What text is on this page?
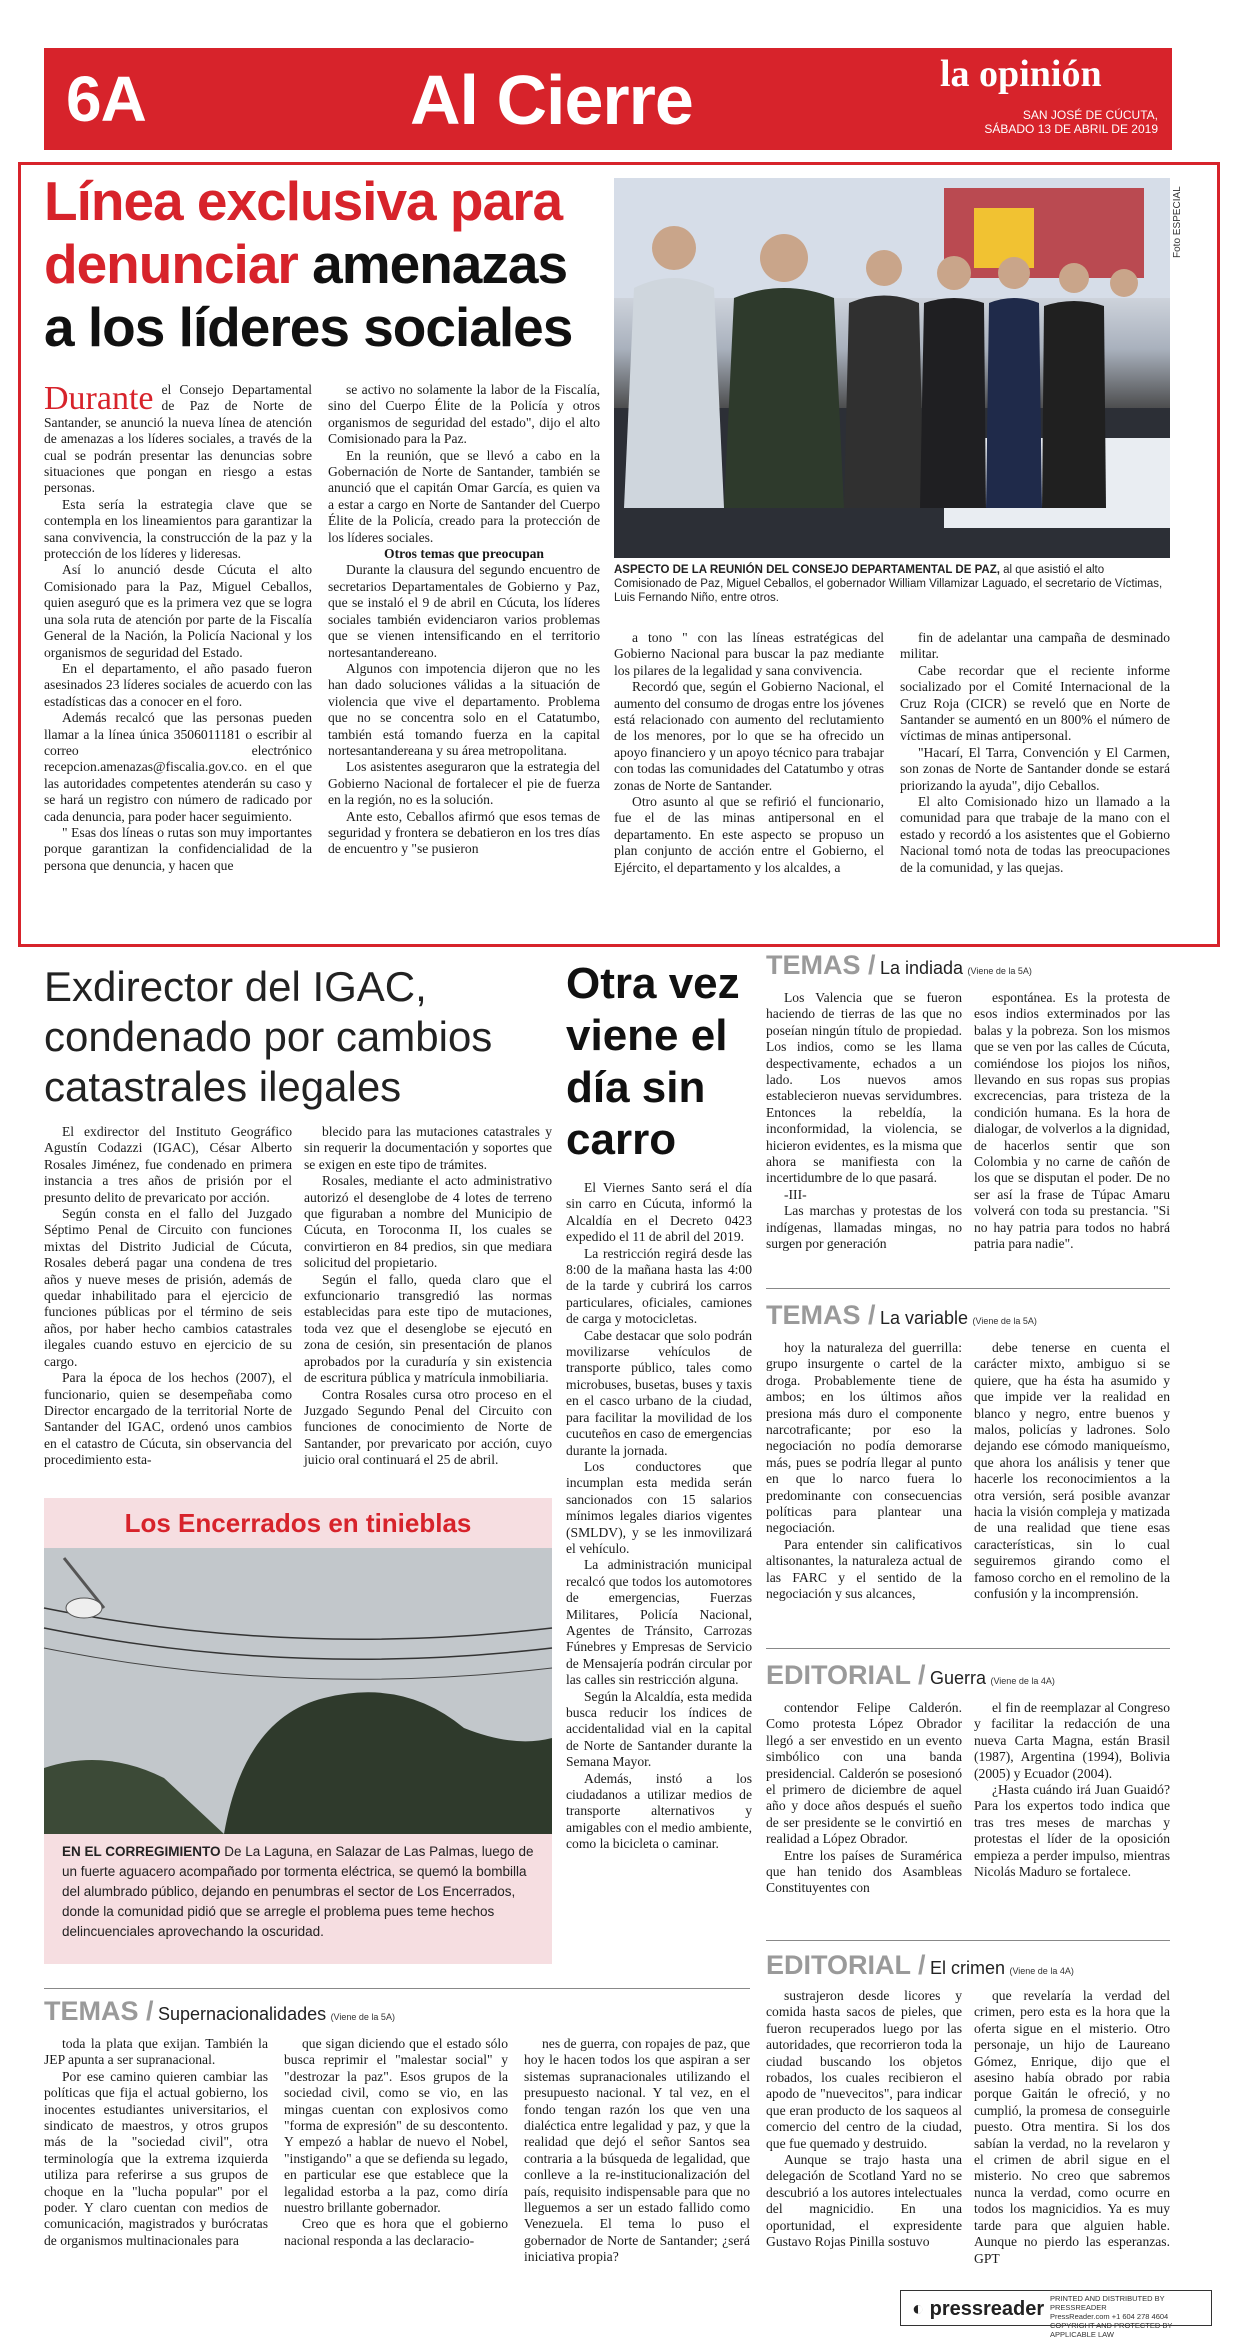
6A	Al Cierre	la opinión
SAN JOSÉ DE CÚCUTA,
SÁBADO 13 DE ABRIL DE 2019
Línea exclusiva para denunciar amenazas a los líderes sociales
Foto ESPECIAL
ASPECTO DE LA REUNIÓN DEL CONSEJO DEPARTAMENTAL DE PAZ, al que asistió el alto Comisionado de Paz, Miguel Ceballos, el gobernador William Villamizar Laguado, el secretario de Víctimas, Luis Fernando Niño, entre otros.
Durante el Consejo Departamental de Paz de Norte de Santander, se anunció la nueva línea de atención de amenazas a los líderes sociales, a través de la cual se podrán presentar las denuncias sobre situaciones que pongan en riesgo a estas personas.

Esta sería la estrategia clave que se contempla en los lineamientos para garantizar la sana convivencia, la construcción de la paz y la protección de los líderes y lideresas.

Así lo anunció desde Cúcuta el alto Comisionado para la Paz, Miguel Ceballos, quien aseguró que es la primera vez que se logra una sola ruta de atención por parte de la Fiscalía General de la Nación, la Policía Nacional y los organismos de seguridad del Estado.

En el departamento, el año pasado fueron asesinados 23 líderes sociales de acuerdo con las estadísticas das a conocer en el foro.

Además recalcó que las personas pueden llamar a la línea única 3506011181 o escribir al correo electrónico recepcion.amenazas@fiscalia.gov.co. en el que las autoridades competentes atenderán su caso y se hará un registro con número de radicado por cada denuncia, para poder hacer seguimiento.

" Esas dos líneas o rutas son muy importantes porque garantizan la confidencialidad de la persona que denuncia, y hacen que

se activo no solamente la labor de la Fiscalía, sino del Cuerpo Élite de la Policía y otros organismos de seguridad del estado", dijo el alto Comisionado para la Paz.

En la reunión, que se llevó a cabo en la Gobernación de Norte de Santander, también se anunció que el capitán Omar García, es quien va a estar a cargo en Norte de Santander del Cuerpo Élite de la Policía, creado para la protección de los líderes sociales.

Otros temas que preocupan

Durante la clausura del segundo encuentro de secretarios Departamentales de Gobierno y Paz, que se instaló el 9 de abril en Cúcuta, los líderes sociales también evidenciaron varios problemas que se vienen intensificando en el territorio nortesantandereano.

Algunos con impotencia dijeron que no les han dado soluciones válidas a la situación de violencia que vive el departamento. Problema que no se concentra solo en el Catatumbo, también está tomando fuerza en la capital nortesantandereana y su área metropolitana.

Los asistentes aseguraron que la estrategia del Gobierno Nacional de fortalecer el pie de fuerza en la región, no es la solución.

Ante esto, Ceballos afirmó que esos temas de seguridad y frontera se debatieron en los tres días de encuentro y "se pusieron

a tono " con las líneas estratégicas del Gobierno Nacional para buscar la paz mediante los pilares de la legalidad y sana convivencia.

Recordó que, según el Gobierno Nacional, el aumento del consumo de drogas entre los jóvenes está relacionado con aumento del reclutamiento de los menores, por lo que se ha ofrecido un apoyo financiero y un apoyo técnico para trabajar con todas las comunidades del Catatumbo y otras zonas de Norte de Santander.

Otro asunto al que se refirió el funcionario, fue el de las minas antipersonal en el departamento. En este aspecto se propuso un plan conjunto de acción entre el Gobierno, el Ejército, el departamento y los alcaldes, a

fin de adelantar una campaña de desminado militar.

Cabe recordar que el reciente informe socializado por el Comité Internacional de la Cruz Roja (CICR) se reveló que en Norte de Santander se aumentó en un 800% el número de víctimas de minas antipersonal.

"Hacarí, El Tarra, Convención y El Carmen, son zonas de Norte de Santander donde se estará priorizando la ayuda", dijo Ceballos.

El alto Comisionado hizo un llamado a la comunidad para que trabaje de la mano con el estado y recordó a los asistentes que el Gobierno Nacional tomó nota de todas las preocupaciones de la comunidad, y las quejas.

Exdirector del IGAC, condenado por cambios catastrales ilegales

El exdirector del Instituto Geográfico Agustín Codazzi (IGAC), César Alberto Rosales Jiménez, fue condenado en primera instancia a tres años de prisión por el presunto delito de prevaricato por acción.

Según consta en el fallo del Juzgado Séptimo Penal de Circuito con funciones mixtas del Distrito Judicial de Cúcuta, Rosales deberá pagar una condena de tres años y nueve meses de prisión, además de quedar inhabilitado para el ejercicio de funciones públicas por el término de seis años, por haber hecho cambios catastrales ilegales cuando estuvo en ejercicio de su cargo.

Para la época de los hechos (2007), el funcionario, quien se desempeñaba como Director encargado de la territorial Norte de Santander del IGAC, ordenó unos cambios en el catastro de Cúcuta, sin observancia del procedimiento esta-

blecido para las mutaciones catastrales y sin requerir la documentación y soportes que se exigen en este tipo de trámites.

Rosales, mediante el acto administrativo autorizó el desenglobe de 4 lotes de terreno que figuraban a nombre del Municipio de Cúcuta, en Toroconma II, los cuales se convirtieron en 84 predios, sin que mediara solicitud del propietario.

Según el fallo, queda claro que el exfuncionario transgredió las normas establecidas para este tipo de mutaciones, toda vez que el desenglobe se ejecutó en zona de cesión, sin presentación de planos aprobados por la curaduría y sin existencia de escritura pública y matrícula inmobiliaria.

Contra Rosales cursa otro proceso en el Juzgado Segundo Penal del Circuito con funciones de conocimiento de Norte de Santander, por prevaricato por acción, cuyo juicio oral continuará el 25 de abril.

Los Encerrados en tinieblas
EN EL CORREGIMIENTO De La Laguna, en Salazar de Las Palmas, luego de un fuerte aguacero acompañado por tormenta eléctrica, se quemó la bombilla del alumbrado público, dejando en penumbras el sector de Los Encerrados, donde la comunidad pidió que se arregle el problema pues teme hechos delincuenciales aprovechando la oscuridad.
Otra vez viene el día sin carro

El Viernes Santo será el día sin carro en Cúcuta, informó la Alcaldía en el Decreto 0423 expedido el 11 de abril del 2019.

La restricción regirá desde las 8:00 de la mañana hasta las 4:00 de la tarde y cubrirá los carros particulares, oficiales, camiones de carga y motocicletas.

Cabe destacar que solo podrán movilizarse vehículos de transporte público, tales como microbuses, busetas, buses y taxis en el casco urbano de la ciudad, para facilitar la movilidad de los cucuteños en caso de emergencias durante la jornada.

Los conductores que incumplan esta medida serán sancionados con 15 salarios mínimos legales diarios vigentes (SMLDV), y se les inmovilizará el vehículo.

La administración municipal recalcó que todos los automotores de emergencias, Fuerzas Militares, Policía Nacional, Agentes de Tránsito, Carrozas Fúnebres y Empresas de Servicio de Mensajería podrán circular por las calles sin restricción alguna.

Según la Alcaldía, esta medida busca reducir los índices de accidentalidad vial en la capital de Norte de Santander durante la Semana Mayor.

Además, instó a los ciudadanos a utilizar medios de transporte alternativos y amigables con el medio ambiente, como la bicicleta o caminar.

TEMAS / La indiada (Viene de la 5A)

Los Valencia que se fueron haciendo de tierras de las que no poseían ningún título de propiedad. Los indios, como se les llama despectivamente, echados a un lado. Los nuevos amos establecieron nuevas servidumbres. Entonces la rebeldía, la inconformidad, la violencia, se hicieron evidentes, es la misma que ahora se manifiesta con la incertidumbre de lo que pasará.

-III-

Las marchas y protestas de los indígenas, llamadas mingas, no surgen por generación

espontánea. Es la protesta de esos indios exterminados por las balas y la pobreza. Son los mismos que se ven por las calles de Cúcuta, comiéndose los piojos los niños, llevando en sus ropas sus propias excrecencias, para tristeza de la condición humana. Es la hora de dialogar, de volverlos a la dignidad, de hacerlos sentir que son Colombia y no carne de cañón de los que se disputan el poder. De no ser así la frase de Túpac Amaru volverá con toda su prestancia. "Si no hay patria para todos no habrá patria para nadie".

TEMAS / La variable (Viene de la 5A)

hoy la naturaleza del guerrilla: grupo insurgente o cartel de la droga. Probablemente tiene de ambos; en los últimos años presiona más duro el componente narcotraficante; por eso la negociación no podía demorarse más, pues se podría llegar al punto en que lo narco fuera lo predominante con consecuencias políticas para plantear una negociación.

Para entender sin calificativos altisonantes, la naturaleza actual de las FARC y el sentido de la negociación y sus alcances,

debe tenerse en cuenta el carácter mixto, ambiguo si se quiere, que ha ésta ha asumido y que impide ver la realidad en blanco y negro, entre buenos y malos, policías y ladrones. Solo dejando ese cómodo maniqueísmo, que ahora los análisis y tener que hacerle los reconocimientos a la otra versión, será posible avanzar hacia la visión compleja y matizada de una realidad que tiene esas características, sin lo cual seguiremos girando como el famoso corcho en el remolino de la confusión y la incomprensión.

EDITORIAL / Guerra (Viene de la 4A)

contendor Felipe Calderón. Como protesta López Obrador llegó a ser envestido en un evento simbólico con una banda presidencial. Calderón se posesionó el primero de diciembre de aquel año y doce años después el sueño de ser presidente se le convirtió en realidad a López Obrador.

Entre los países de Suramérica que han tenido dos Asambleas Constituyentes con

el fin de reemplazar al Congreso y facilitar la redacción de una nueva Carta Magna, están Brasil (1987), Argentina (1994), Bolivia (2005) y Ecuador (2004).

¿Hasta cuándo irá Juan Guaidó? Para los expertos todo indica que tras tres meses de marchas y protestas el líder de la oposición empieza a perder impulso, mientras Nicolás Maduro se fortalece.

EDITORIAL / El crimen (Viene de la 4A)

sustrajeron desde licores y comida hasta sacos de pieles, que fueron recuperados luego por las autoridades, que recorrieron toda la ciudad buscando los objetos robados, los cuales recibieron el apodo de "nuevecitos", para indicar que eran producto de los saqueos al comercio del centro de la ciudad, que fue quemado y destruido.

Aunque se trajo hasta una delegación de Scotland Yard no se descubrió a los autores intelectuales del magnicidio. En una oportunidad, el expresidente Gustavo Rojas Pinilla sostuvo

que revelaría la verdad del crimen, pero esta es la hora que la oferta sigue en el misterio. Otro personaje, un hijo de Laureano Gómez, Enrique, dijo que el asesino había obrado por rabia porque Gaitán le ofreció, y no cumplió, la promesa de conseguirle puesto. Otra mentira. Si los dos sabían la verdad, no la revelaron y el crimen de abril sigue en el misterio. No creo que sabremos nunca la verdad, como ocurre en todos los magnicidios. Ya es muy tarde para que alguien hable. Aunque no pierdo las esperanzas. GPT

TEMAS / Supernacionalidades (Viene de la 5A)

toda la plata que exijan. También la JEP apunta a ser supranacional.

Por ese camino quieren cambiar las políticas que fija el actual gobierno, los inocentes estudiantes universitarios, el sindicato de maestros, y otros grupos más de la "sociedad civil", otra terminología que la extrema izquierda utiliza para referirse a sus grupos de choque en la "lucha popular" por el poder. Y claro cuentan con medios de comunicación, magistrados y burócratas de organismos multinacionales para

que sigan diciendo que el estado sólo busca reprimir el "malestar social" y "destrozar la paz". Esos grupos de la sociedad civil, como se vio, en las mingas cuentan con explosivos como "forma de expresión" de su descontento. Y empezó a hablar de nuevo el Nobel, "instigando" a que se defienda su legado, en particular ese que establece que la legalidad estorba a la paz, como diría nuestro brillante gobernador.

Creo que es hora que el gobierno nacional responda a las declaracio-

nes de guerra, con ropajes de paz, que hoy le hacen todos los que aspiran a ser sistemas supranacionales utilizando el presupuesto nacional. Y tal vez, en el fondo tengan razón los que ven una dialéctica entre legalidad y paz, y que la realidad que dejó el señor Santos sea contraria a la búsqueda de legalidad, que conlleve a la re-institucionalización del país, requisito indispensable para que no lleguemos a ser un estado fallido como Venezuela. El tema lo puso el gobernador de Norte de Santander; ¿será iniciativa propia?

◐ pressreader PRINTED AND DISTRIBUTED BY PRESSREADER
PressReader.com +1 604 278 4604
COPYRIGHT AND PROTECTED BY APPLICABLE LAW
